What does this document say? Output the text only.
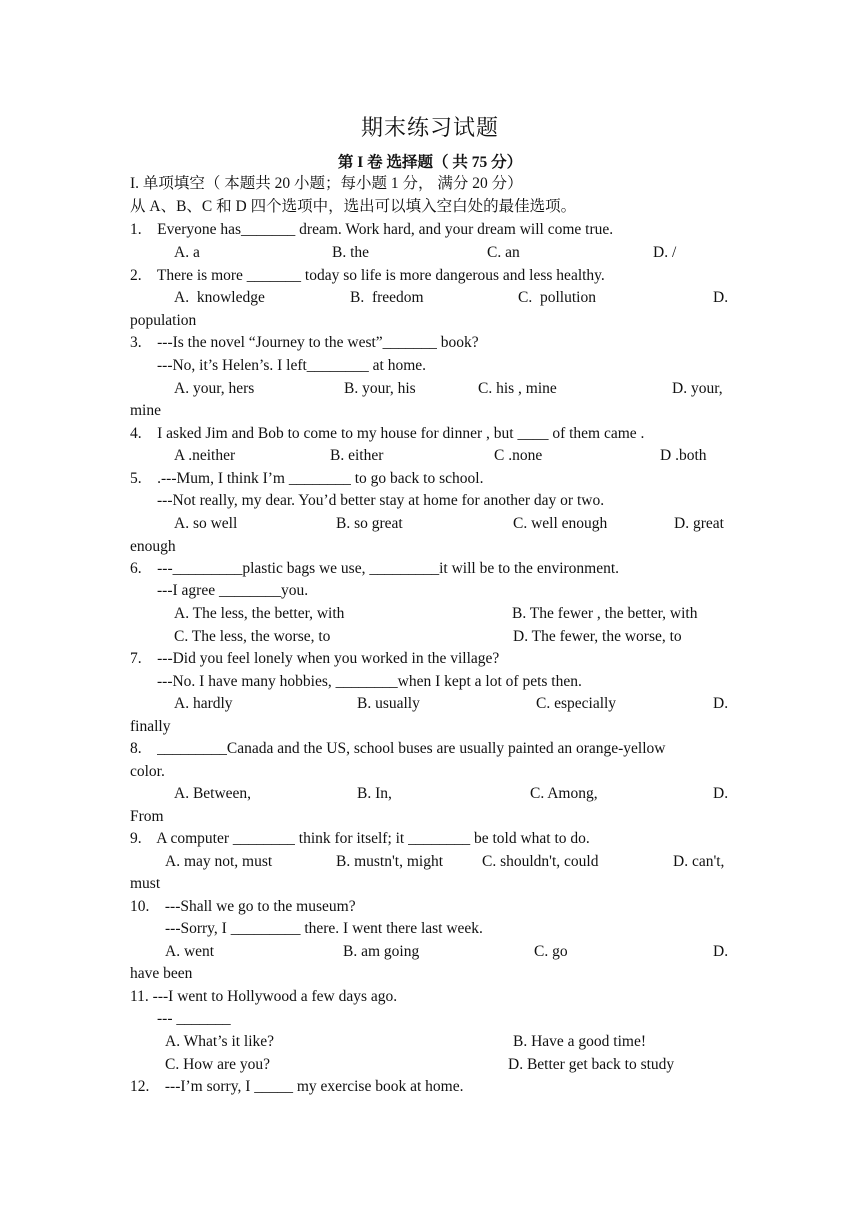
期末练习试题
第 I 卷 选择题（ 共 75 分）
I. 单项填空（ 本题共 20 小题；每小题 1 分， 满分 20 分）
从 A、B、C 和 D 四个选项中，选出可以填入空白处的最佳选项。
1.    Everyone has_______ dream. Work hard, and your dream will come true.
A. a	B. the	C. an	D. /
2.    There is more _______ today so life is more dangerous and less healthy.
A.  knowledge	B.  freedom	C.  pollution	D.
population
3.    ---Is the novel “Journey to the west”_______ book?
---No, it’s Helen’s. I left________ at home.
A. your, hers	B. your, his	C. his , mine	D. your,
mine
4.    I asked Jim and Bob to come to my house for dinner , but ____ of them came .
A .neither	B. either	C .none	D .both
5.    .---Mum, I think I’m ________ to go back to school.
---Not really, my dear. You’d better stay at home for another day or two.
A. so well	B. so great	C. well enough	D. great
enough
6.    ---_________plastic bags we use, _________it will be to the environment.
---I agree ________you.
A. The less, the better, with	B. The fewer , the better, with
C. The less, the worse, to	D. The fewer, the worse, to
7.    ---Did you feel lonely when you worked in the village?
---No. I have many hobbies, ________when I kept a lot of pets then.
A. hardly	B. usually	C. especially	D.
finally
8.    _________Canada and the US, school buses are usually painted an orange-yellow
color.
A. Between,	B. In,	C. Among,	D.
From
9.    A computer ________ think for itself; it ________ be told what to do.
A. may not, must	B. mustn't, might	C. shouldn't, could	D. can't,
must
10.    ---Shall we go to the museum?
---Sorry, I _________ there. I went there last week.
A. went	B. am going	C. go	D.
have been
11. ---I went to Hollywood a few days ago.
--- _______
A. What’s it like?	B. Have a good time!
C. How are you?	D. Better get back to study
12.    ---I’m sorry, I _____ my exercise book at home.
